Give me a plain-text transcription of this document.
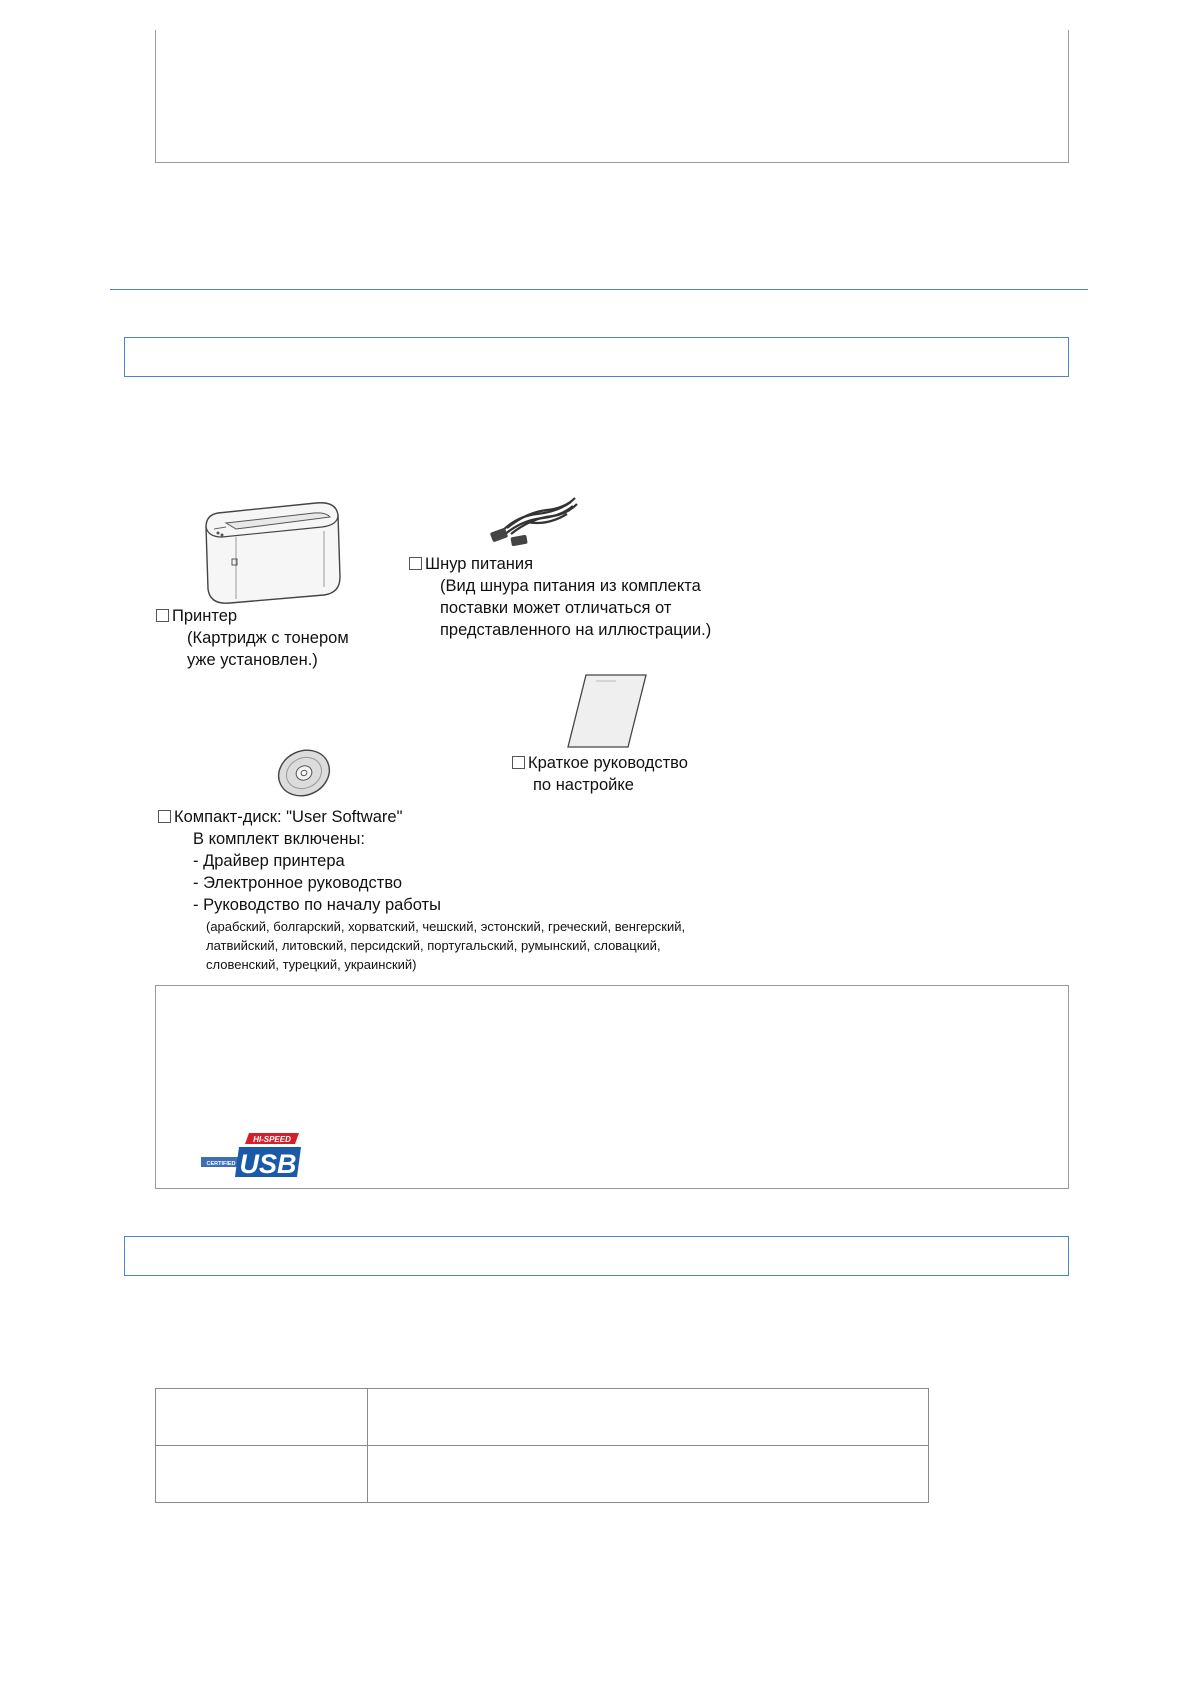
Принтер
(Картридж с тонером
уже установлен.)
Шнур питания
(Вид шнура питания из комплекта
поставки может отличаться от
представленного на иллюстрации.)
Краткое руководство
по настройке
Компакт-диск: "User Software"
В комплект включены:
- Драйвер принтера
- Электронное руководство
- Руководство по началу работы
(арабский, болгарский, хорватский, чешский, эстонский, греческий, венгерский,
латвийский, литовский, персидский, португальский, румынский, словацкий,
словенский, турецкий, украинский)
HI-SPEED
CERTIFIED USB
